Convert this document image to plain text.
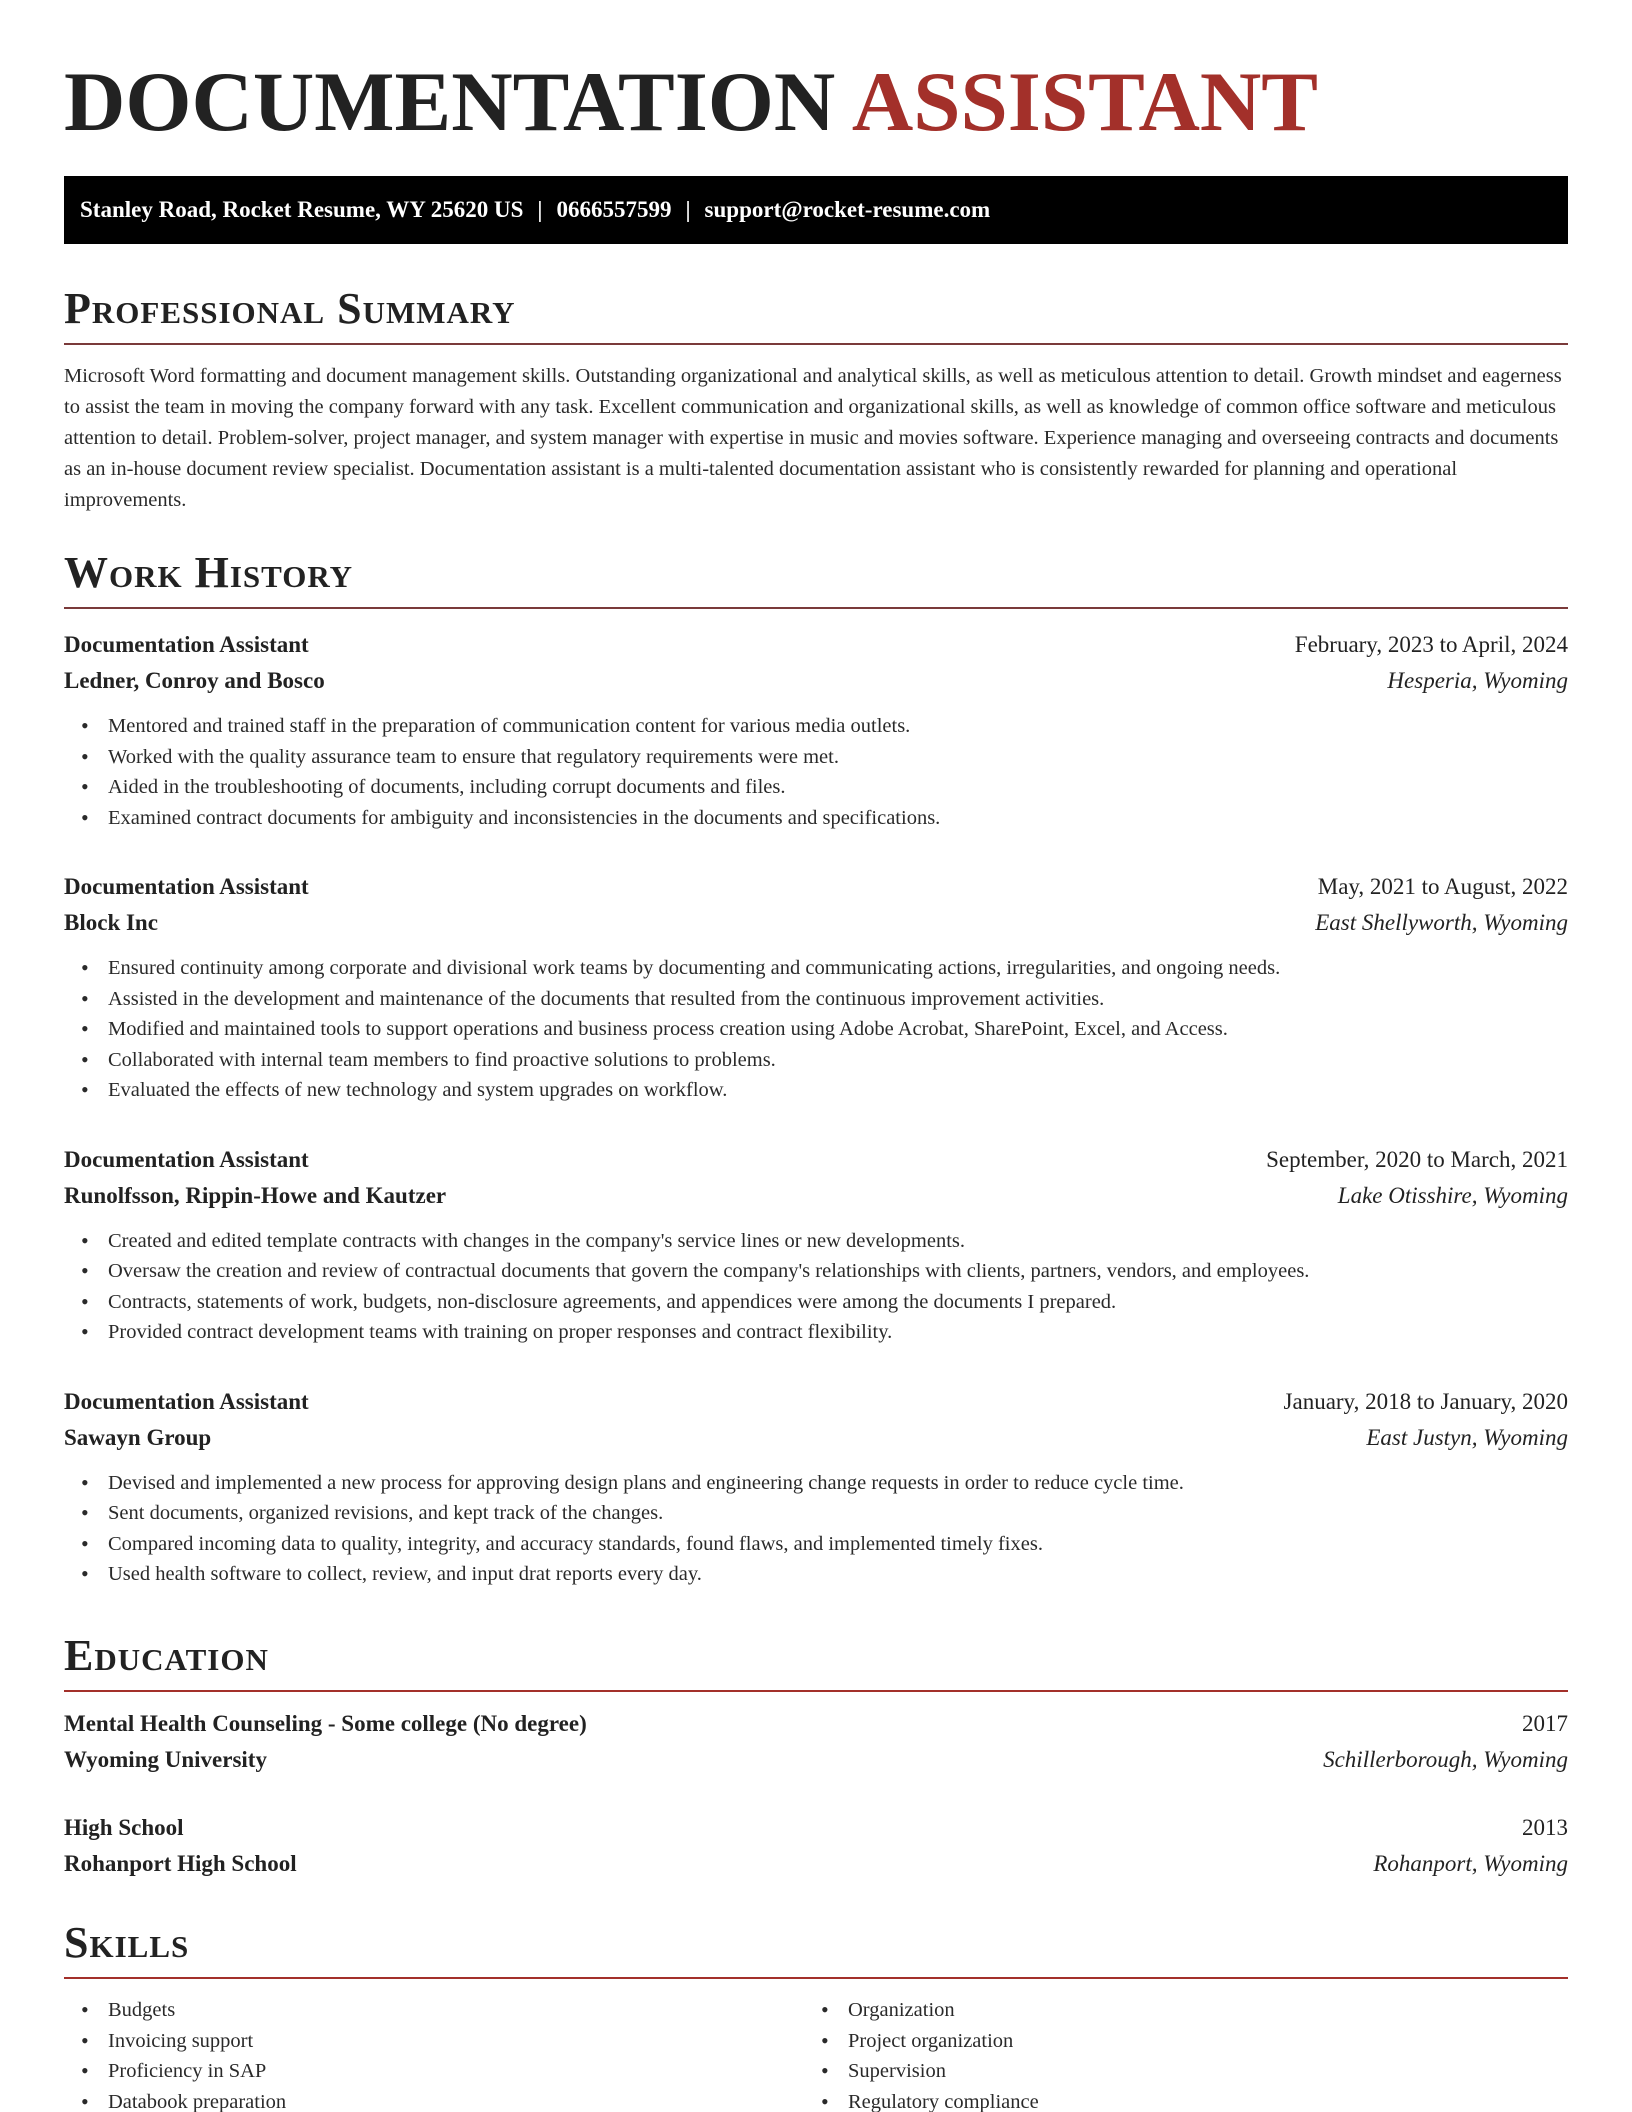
DOCUMENTATION ASSISTANT
Stanley Road, Rocket Resume, WY 25620 US | 0666557599 | support@rocket-resume.com
Professional Summary
Microsoft Word formatting and document management skills. Outstanding organizational and analytical skills, as well as meticulous attention to detail. Growth mindset and eagerness to assist the team in moving the company forward with any task. Excellent communication and organizational skills, as well as knowledge of common office software and meticulous attention to detail. Problem-solver, project manager, and system manager with expertise in music and movies software. Experience managing and overseeing contracts and documents as an in-house document review specialist. Documentation assistant is a multi-talented documentation assistant who is consistently rewarded for planning and operational improvements.
Work History
Documentation Assistant	February, 2023 to April, 2024
Ledner, Conroy and Bosco	Hesperia, Wyoming
• Mentored and trained staff in the preparation of communication content for various media outlets.
• Worked with the quality assurance team to ensure that regulatory requirements were met.
• Aided in the troubleshooting of documents, including corrupt documents and files.
• Examined contract documents for ambiguity and inconsistencies in the documents and specifications.
Documentation Assistant	May, 2021 to August, 2022
Block Inc	East Shellyworth, Wyoming
• Ensured continuity among corporate and divisional work teams by documenting and communicating actions, irregularities, and ongoing needs.
• Assisted in the development and maintenance of the documents that resulted from the continuous improvement activities.
• Modified and maintained tools to support operations and business process creation using Adobe Acrobat, SharePoint, Excel, and Access.
• Collaborated with internal team members to find proactive solutions to problems.
• Evaluated the effects of new technology and system upgrades on workflow.
Documentation Assistant	September, 2020 to March, 2021
Runolfsson, Rippin-Howe and Kautzer	Lake Otisshire, Wyoming
• Created and edited template contracts with changes in the company's service lines or new developments.
• Oversaw the creation and review of contractual documents that govern the company's relationships with clients, partners, vendors, and employees.
• Contracts, statements of work, budgets, non-disclosure agreements, and appendices were among the documents I prepared.
• Provided contract development teams with training on proper responses and contract flexibility.
Documentation Assistant	January, 2018 to January, 2020
Sawayn Group	East Justyn, Wyoming
• Devised and implemented a new process for approving design plans and engineering change requests in order to reduce cycle time.
• Sent documents, organized revisions, and kept track of the changes.
• Compared incoming data to quality, integrity, and accuracy standards, found flaws, and implemented timely fixes.
• Used health software to collect, review, and input drat reports every day.
Education
Mental Health Counseling - Some college (No degree)	2017
Wyoming University	Schillerborough, Wyoming
High School	2013
Rohanport High School	Rohanport, Wyoming
Skills
• Budgets
• Invoicing support
• Proficiency in SAP
• Databook preparation
• Organization
• Project organization
• Supervision
• Regulatory compliance
